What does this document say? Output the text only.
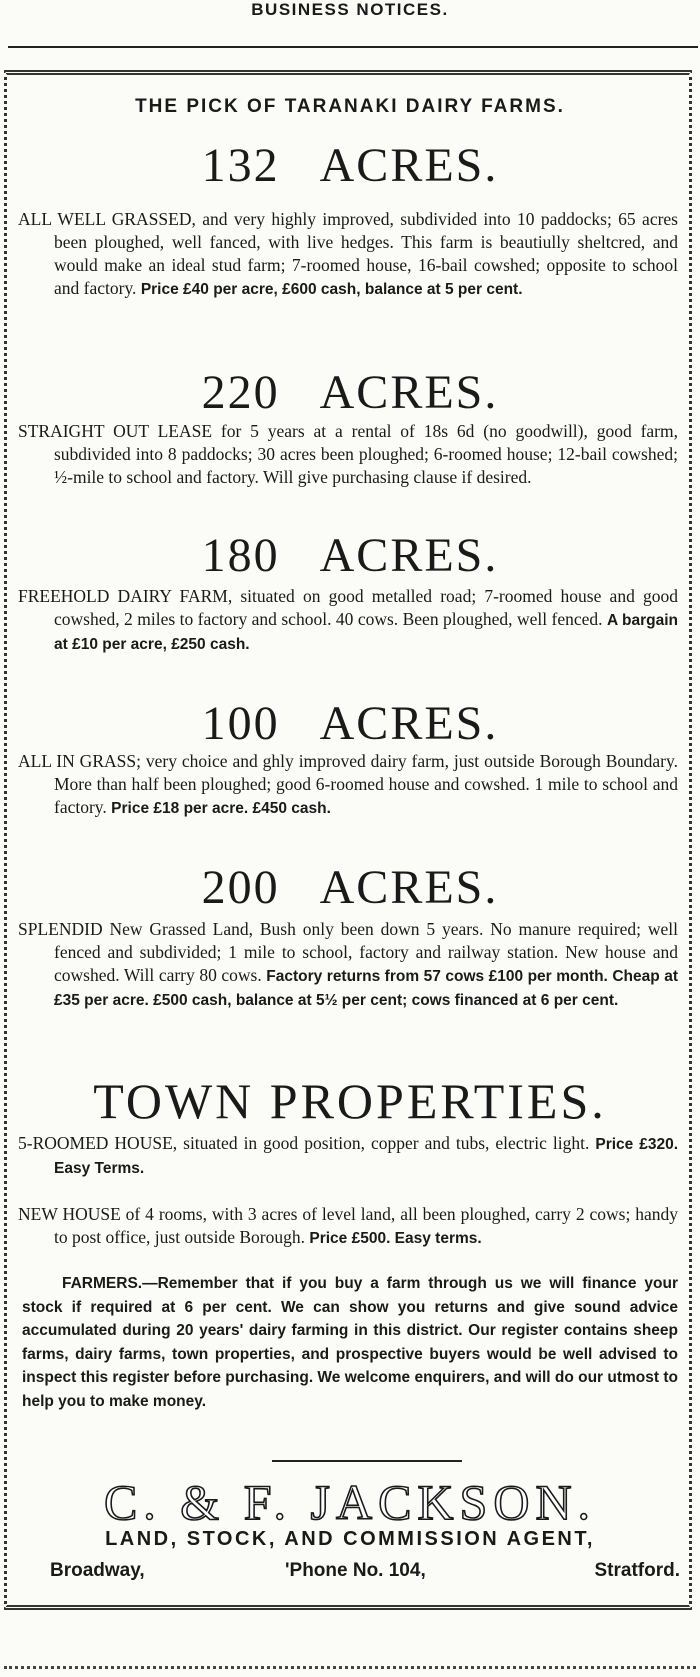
BUSINESS NOTICES.
THE PICK OF TARANAKI DAIRY FARMS.
132 ACRES.

ALL WELL GRASSED, and very highly improved, subdivided into 10 paddocks; 65 acres been ploughed, well fanced, with live hedges. This farm is beautiully sheltcred, and would make an ideal stud farm; 7-roomed house, 16-bail cowshed; opposite to school and factory. Price £40 per acre, £600 cash, balance at 5 per cent.

220 ACRES.

STRAIGHT OUT LEASE for 5 years at a rental of 18s 6d (no goodwill), good farm, subdivided into 8 paddocks; 30 acres been ploughed; 6-roomed house; 12-bail cowshed; ½-mile to school and factory. Will give purchasing clause if desired.

180 ACRES.

FREEHOLD DAIRY FARM, situated on good metalled road; 7-roomed house and good cowshed, 2 miles to factory and school. 40 cows. Been ploughed, well fenced. A bargain at £10 per acre, £250 cash.

100 ACRES.

ALL IN GRASS; very choice and ghly improved dairy farm, just outside Borough Boundary. More than half been ploughed; good 6-roomed house and cowshed. 1 mile to school and factory. Price £18 per acre. £450 cash.

200 ACRES.

SPLENDID New Grassed Land, Bush only been down 5 years. No manure required; well fenced and subdivided; 1 mile to school, factory and railway station. New house and cowshed. Will carry 80 cows. Factory returns from 57 cows £100 per month. Cheap at £35 per acre. £500 cash, balance at 5½ per cent; cows financed at 6 per cent.

TOWN PROPERTIES.

5-ROOMED HOUSE, situated in good position, copper and tubs, electric light. Price £320. Easy Terms.

NEW HOUSE of 4 rooms, with 3 acres of level land, all been ploughed, carry 2 cows; handy to post office, just outside Borough. Price £500. Easy terms.

FARMERS.—Remember that if you buy a farm through us we will finance your stock if required at 6 per cent. We can show you returns and give sound advice accumulated during 20 years' dairy farming in this district. Our register contains sheep farms, dairy farms, town properties, and prospective buyers would be well advised to inspect this register before purchasing. We welcome enquirers, and will do our utmost to help you to make money.

C. & F. JACKSON.
LAND, STOCK, AND COMMISSION AGENT,
Broadway,	'Phone No. 104,	Stratford.
